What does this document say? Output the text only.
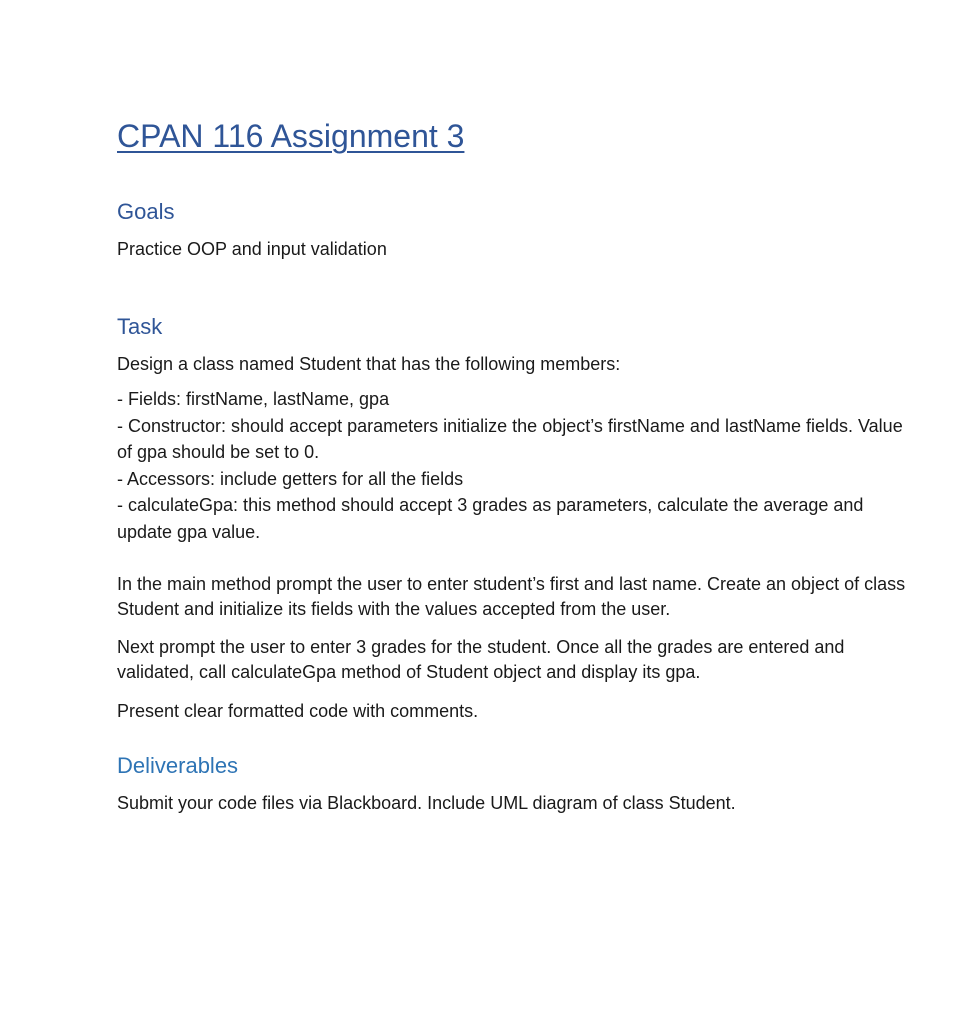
CPAN 116 Assignment 3
Goals

Practice OOP and input validation

Task

Design a class named Student that has the following members:

- Fields: firstName, lastName, gpa
- Constructor: should accept parameters initialize the object’s firstName and lastName fields. Value of gpa should be set to 0.
- Accessors: include getters for all the fields
- calculateGpa: this method should accept 3 grades as parameters, calculate the average and update gpa value.

In the main method prompt the user to enter student’s first and last name. Create an object of class Student and initialize its fields with the values accepted from the user.

Next prompt the user to enter 3 grades for the student. Once all the grades are entered and validated, call calculateGpa method of Student object and display its gpa.

Present clear formatted code with comments.

Deliverables

Submit your code files via Blackboard. Include UML diagram of class Student.
